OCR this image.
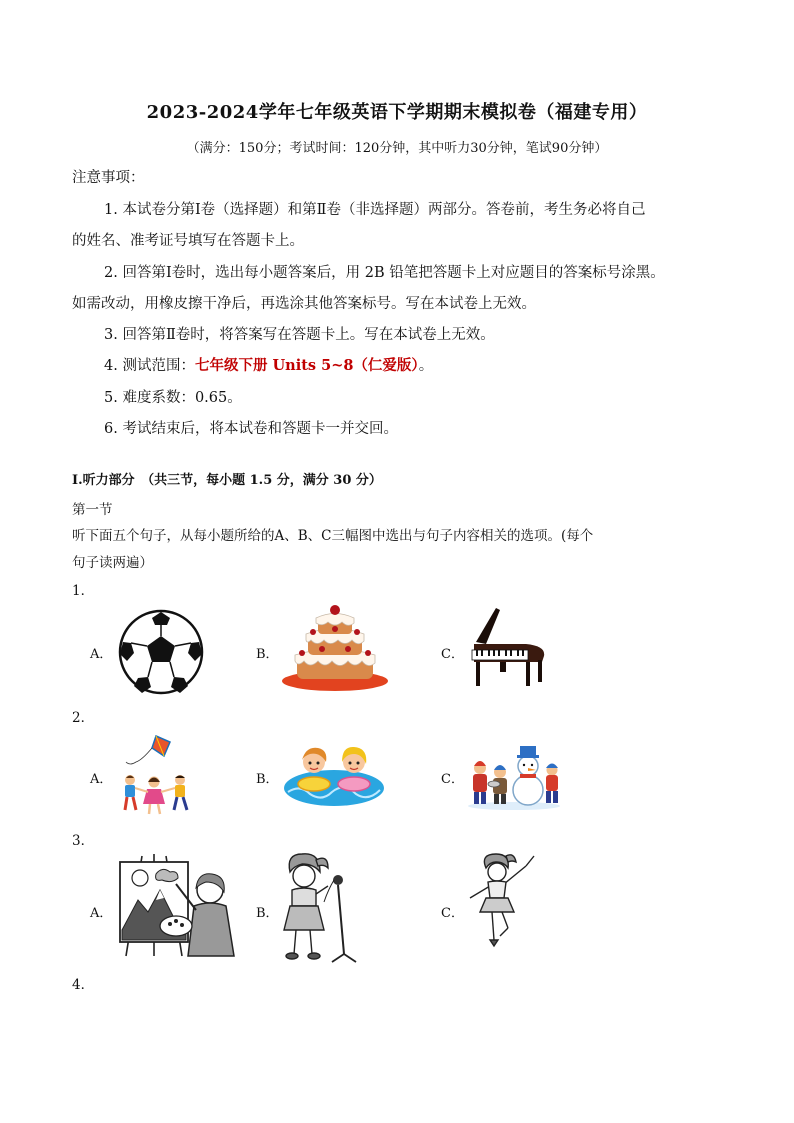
2023-2024学年七年级英语下学期期末模拟卷（福建专用）
（满分：150分；考试时间：120分钟，其中听力30分钟，笔试90分钟）
注意事项：
1. 本试卷分第Ⅰ卷（选择题）和第Ⅱ卷（非选择题）两部分。答卷前，考生务必将自己
的姓名、准考证号填写在答题卡上。
2. 回答第Ⅰ卷时，选出每小题答案后，用 2B 铅笔把答题卡上对应题目的答案标号涂黑。
如需改动，用橡皮擦干净后，再选涂其他答案标号。写在本试卷上无效。
3. 回答第Ⅱ卷时，将答案写在答题卡上。写在本试卷上无效。
4. 测试范围：七年级下册 Units 5~8（仁爱版）。
5. 难度系数：0.65。
6. 考试结束后，将本试卷和答题卡一并交回。
I.听力部分　（共三节，每小题 1.5 分，满分 30 分）
第一节
听下面五个句子，从每小题所给的A、B、C三幅图中选出与句子内容相关的选项。(每个
句子读两遍）
1．
2．
3．
4．
A．	B．	C．
A．	B．	C．
A．	B．	C．
